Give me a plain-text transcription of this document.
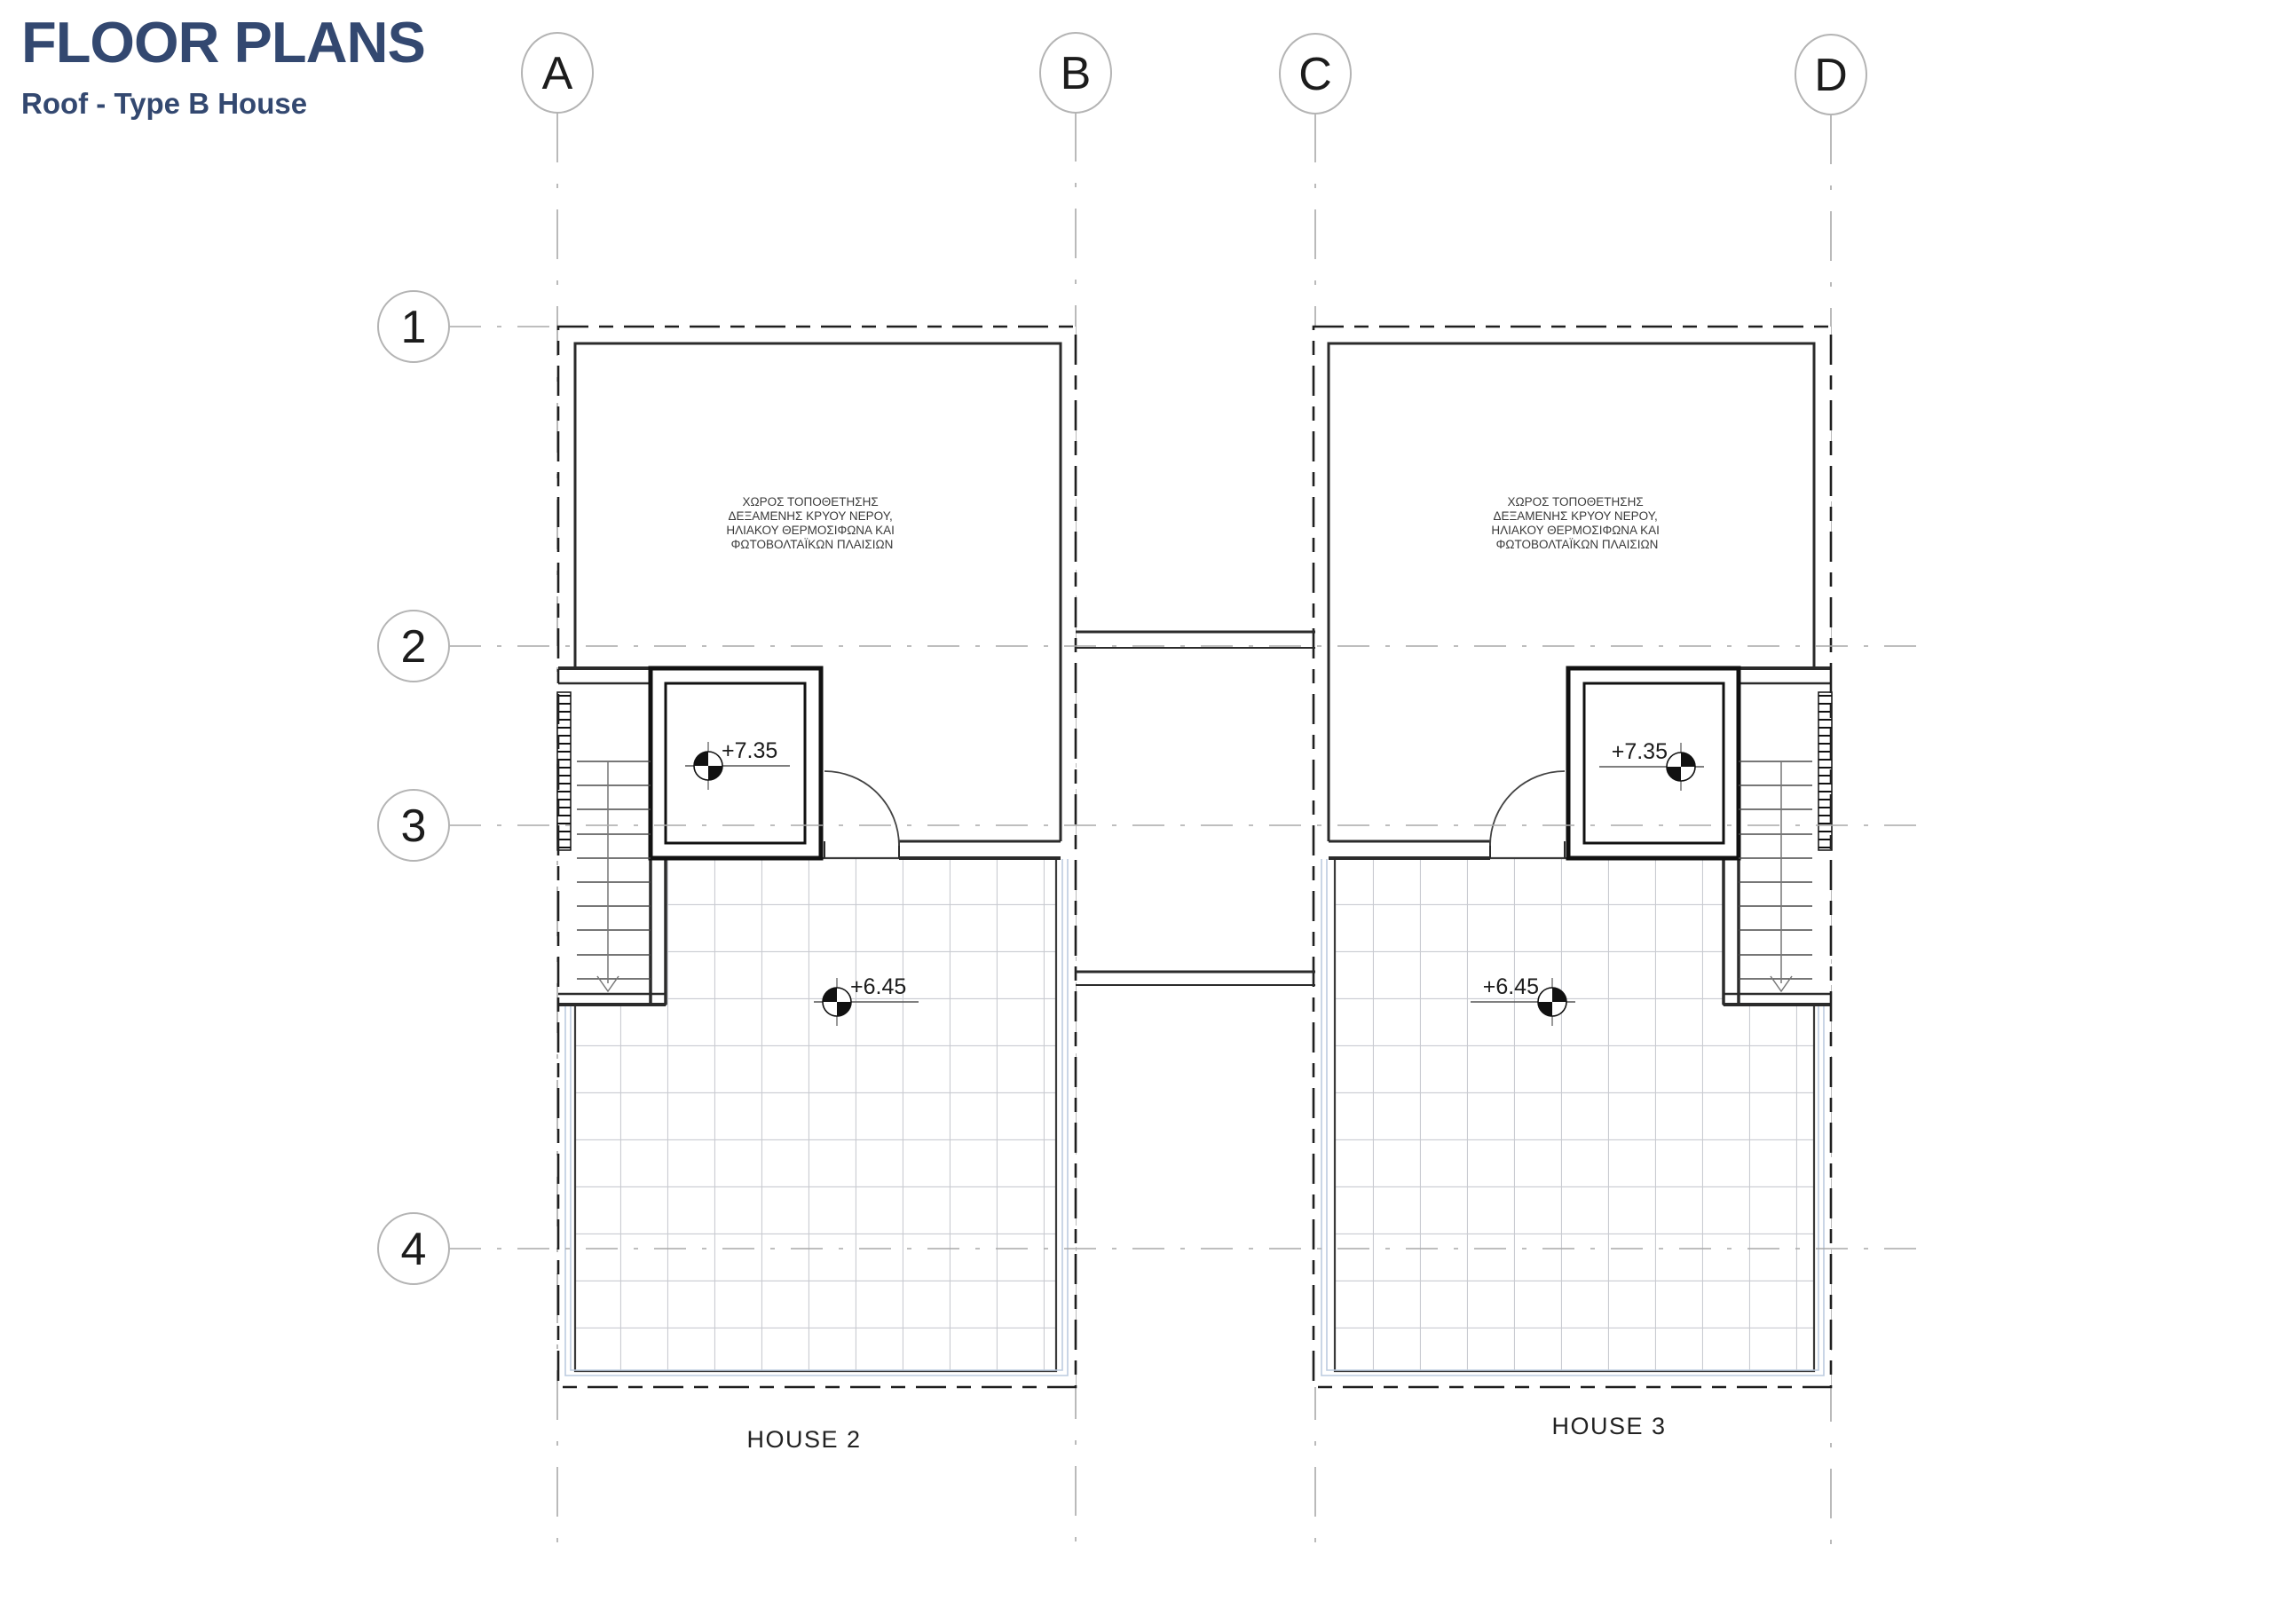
FLOOR PLANS
Roof - Type B House
ΧΩΡΟΣ ΤΟΠΟΘΕΤΗΣΗΣ ΔΕΞΑΜΕΝΗΣ ΚΡΥΟΥ ΝΕΡΟΥ, ΗΛΙΑΚΟΥ ΘΕΡΜΟΣΙΦΩΝΑ ΚΑΙ ΦΩΤΟΒΟΛΤΑΪΚΩΝ ΠΛΑΙΣΙΩΝ
+7.35
+6.45
ΧΩΡΟΣ ΤΟΠΟΘΕΤΗΣΗΣ ΔΕΞΑΜΕΝΗΣ ΚΡΥΟΥ ΝΕΡΟΥ, ΗΛΙΑΚΟΥ ΘΕΡΜΟΣΙΦΩΝΑ ΚΑΙ ΦΩΤΟΒΟΛΤΑΪΚΩΝ ΠΛΑΙΣΙΩΝ
+7.35
+6.45
A	B	C	D
1
2
3
4
HOUSE 2	HOUSE 3
